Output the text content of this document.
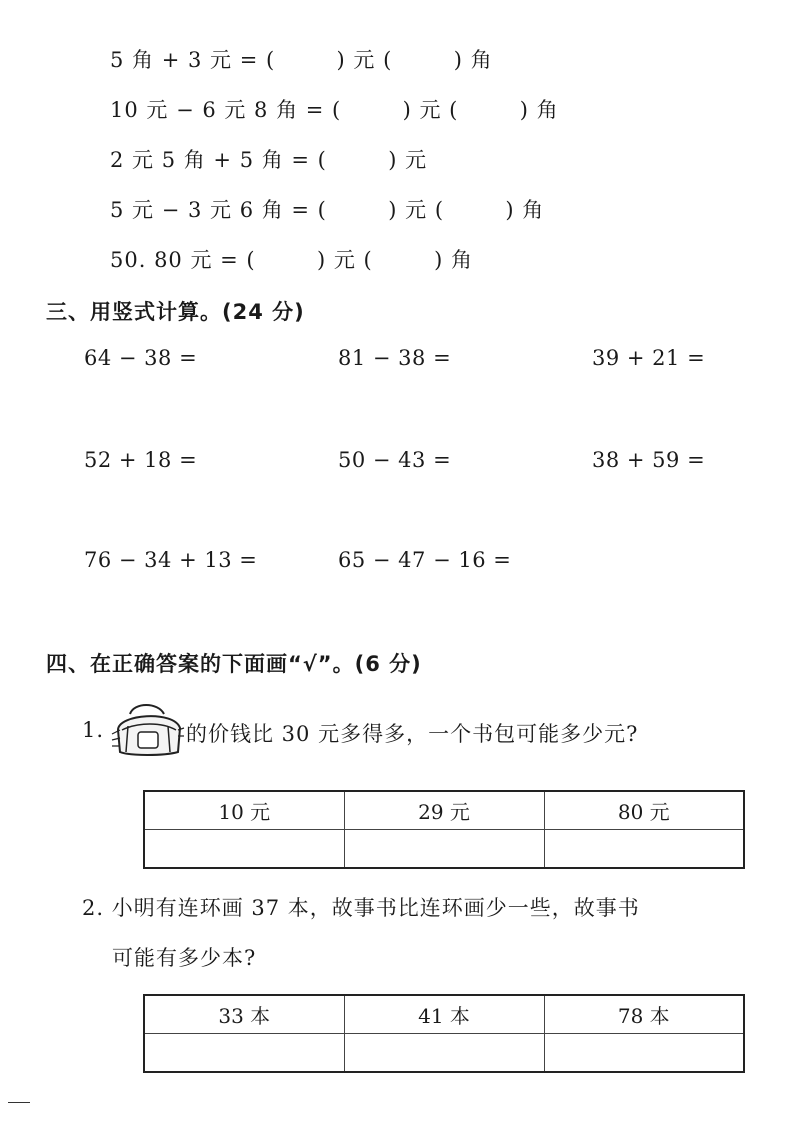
5 角 + 3 元 = (        ) 元 (        ) 角
10 元 − 6 元 8 角 = (        ) 元 (        ) 角
2 元 5 角 + 5 角 = (        ) 元
5 元 − 3 元 6 角 = (        ) 元 (        ) 角
50. 80 元 = (        ) 元 (        ) 角
三、用竖式计算。(24 分)
64 − 38 =	81 − 38 =	39 + 21 =
52 + 18 =	50 − 43 =	38 + 59 =
76 − 34 + 13 =	65 − 47 − 16 =
四、在正确答案的下面画“√”。(6 分)
1.	的价钱比 30 元多得多，一个书包可能多少元?
10 元	29 元	80 元

2. 小明有连环画 37 本，故事书比连环画少一些，故事书
可能有多少本?
33 本	41 本	78 本
